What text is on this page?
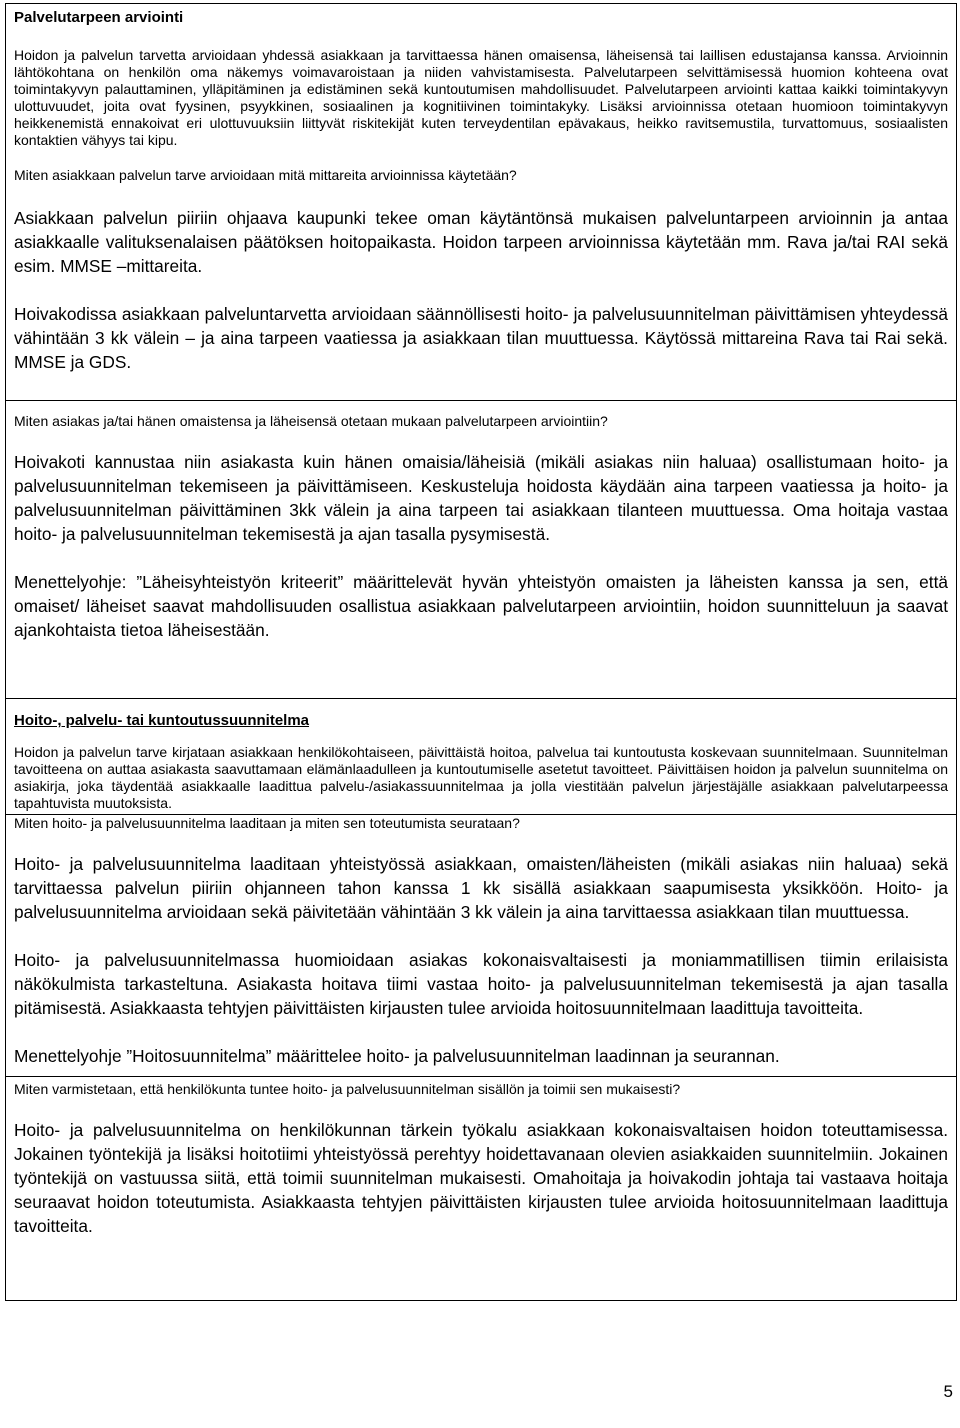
Palvelutarpeen arviointi

Hoidon ja palvelun tarvetta arvioidaan yhdessä asiakkaan ja tarvittaessa hänen omaisensa, läheisensä tai laillisen edustajansa kanssa. Arvioinnin lähtökohtana on henkilön oma näkemys voimavaroistaan ja niiden vahvistamisesta. Palvelutarpeen selvittämisessä huomion kohteena ovat toimintakyvyn palauttaminen, ylläpitäminen ja edistäminen sekä kuntoutumisen mahdollisuudet. Palvelutarpeen arviointi kattaa kaikki toimintakyvyn ulottuvuudet, joita ovat fyysinen, psyykkinen, sosiaalinen ja kognitiivinen toimintakyky. Lisäksi arvioinnissa otetaan huomioon toimintakyvyn heikkenemistä ennakoivat eri ulottuvuuksiin liittyvät riskitekijät kuten terveydentilan epävakaus, heikko ravitsemustila, turvattomuus, sosiaalisten kontaktien vähyys tai kipu.

Miten asiakkaan palvelun tarve arvioidaan mitä mittareita arvioinnissa käytetään?

Asiakkaan palvelun piiriin ohjaava kaupunki tekee oman käytäntönsä mukaisen palveluntarpeen arvioinnin ja antaa asiakkaalle valituksenalaisen päätöksen hoitopaikasta. Hoidon tarpeen arvioinnissa käytetään mm. Rava ja/tai RAI sekä esim. MMSE –mittareita.

Hoivakodissa asiakkaan palveluntarvetta arvioidaan säännöllisesti hoito- ja palvelusuunnitelman päivittämisen yhteydessä vähintään 3 kk välein – ja aina tarpeen vaatiessa ja asiakkaan tilan muuttuessa. Käytössä mittareina Rava tai Rai sekä. MMSE ja GDS.

Miten asiakas ja/tai hänen omaistensa ja läheisensä otetaan mukaan palvelutarpeen arviointiin?

Hoivakoti kannustaa niin asiakasta kuin hänen omaisia/läheisiä (mikäli asiakas niin haluaa) osallistumaan hoito- ja palvelusuunnitelman tekemiseen ja päivittämiseen. Keskusteluja hoidosta käydään aina tarpeen vaatiessa ja hoito- ja palvelusuunnitelman päivittäminen 3kk välein ja aina tarpeen tai asiakkaan tilanteen muuttuessa. Oma hoitaja vastaa hoito- ja palvelusuunnitelman tekemisestä ja ajan tasalla pysymisestä.

Menettelyohje: ”Läheisyhteistyön kriteerit” määrittelevät hyvän yhteistyön omaisten ja läheisten kanssa ja sen, että omaiset/ läheiset saavat mahdollisuuden osallistua asiakkaan palvelutarpeen arviointiin, hoidon suunnitteluun ja saavat ajankohtaista tietoa läheisestään.

Hoito-, palvelu- tai kuntoutussuunnitelma

Hoidon ja palvelun tarve kirjataan asiakkaan henkilökohtaiseen, päivittäistä hoitoa, palvelua tai kuntoutusta koskevaan suunnitelmaan. Suunnitelman tavoitteena on auttaa asiakasta saavuttamaan elämänlaadulleen ja kuntoutumiselle asetetut tavoitteet. Päivittäisen hoidon ja palvelun suunnitelma on asiakirja, joka täydentää asiakkaalle laadittua palvelu-/asiakassuunnitelmaa ja jolla viestitään palvelun järjestäjälle asiakkaan palvelutarpeessa tapahtuvista muutoksista.

Miten hoito- ja palvelusuunnitelma laaditaan ja miten sen toteutumista seurataan?

Hoito- ja palvelusuunnitelma laaditaan yhteistyössä asiakkaan, omaisten/läheisten (mikäli asiakas niin haluaa) sekä tarvittaessa palvelun piiriin ohjanneen tahon kanssa 1 kk sisällä asiakkaan saapumisesta yksikköön. Hoito- ja palvelusuunnitelma arvioidaan sekä päivitetään vähintään 3 kk välein ja aina tarvittaessa asiakkaan tilan muuttuessa.

Hoito- ja palvelusuunnitelmassa huomioidaan asiakas kokonaisvaltaisesti ja moniammatillisen tiimin erilaisista näkökulmista tarkasteltuna. Asiakasta hoitava tiimi vastaa hoito- ja palvelusuunnitelman tekemisestä ja ajan tasalla pitämisestä. Asiakkaasta tehtyjen päivittäisten kirjausten tulee arvioida hoitosuunnitelmaan laadittuja tavoitteita.

Menettelyohje ”Hoitosuunnitelma” määrittelee hoito- ja palvelusuunnitelman laadinnan ja seurannan.

Miten varmistetaan, että henkilökunta tuntee hoito- ja palvelusuunnitelman sisällön ja toimii sen mukaisesti?

Hoito- ja palvelusuunnitelma on henkilökunnan tärkein työkalu asiakkaan kokonaisvaltaisen hoidon toteuttamisessa. Jokainen työntekijä ja lisäksi hoitotiimi yhteistyössä perehtyy hoidettavanaan olevien asiakkaiden suunnitelmiin. Jokainen työntekijä on vastuussa siitä, että toimii suunnitelman mukaisesti. Omahoitaja ja hoivakodin johtaja tai vastaava hoitaja seuraavat hoidon toteutumista. Asiakkaasta tehtyjen päivittäisten kirjausten tulee arvioida hoitosuunnitelmaan laadittuja tavoitteita.

5
